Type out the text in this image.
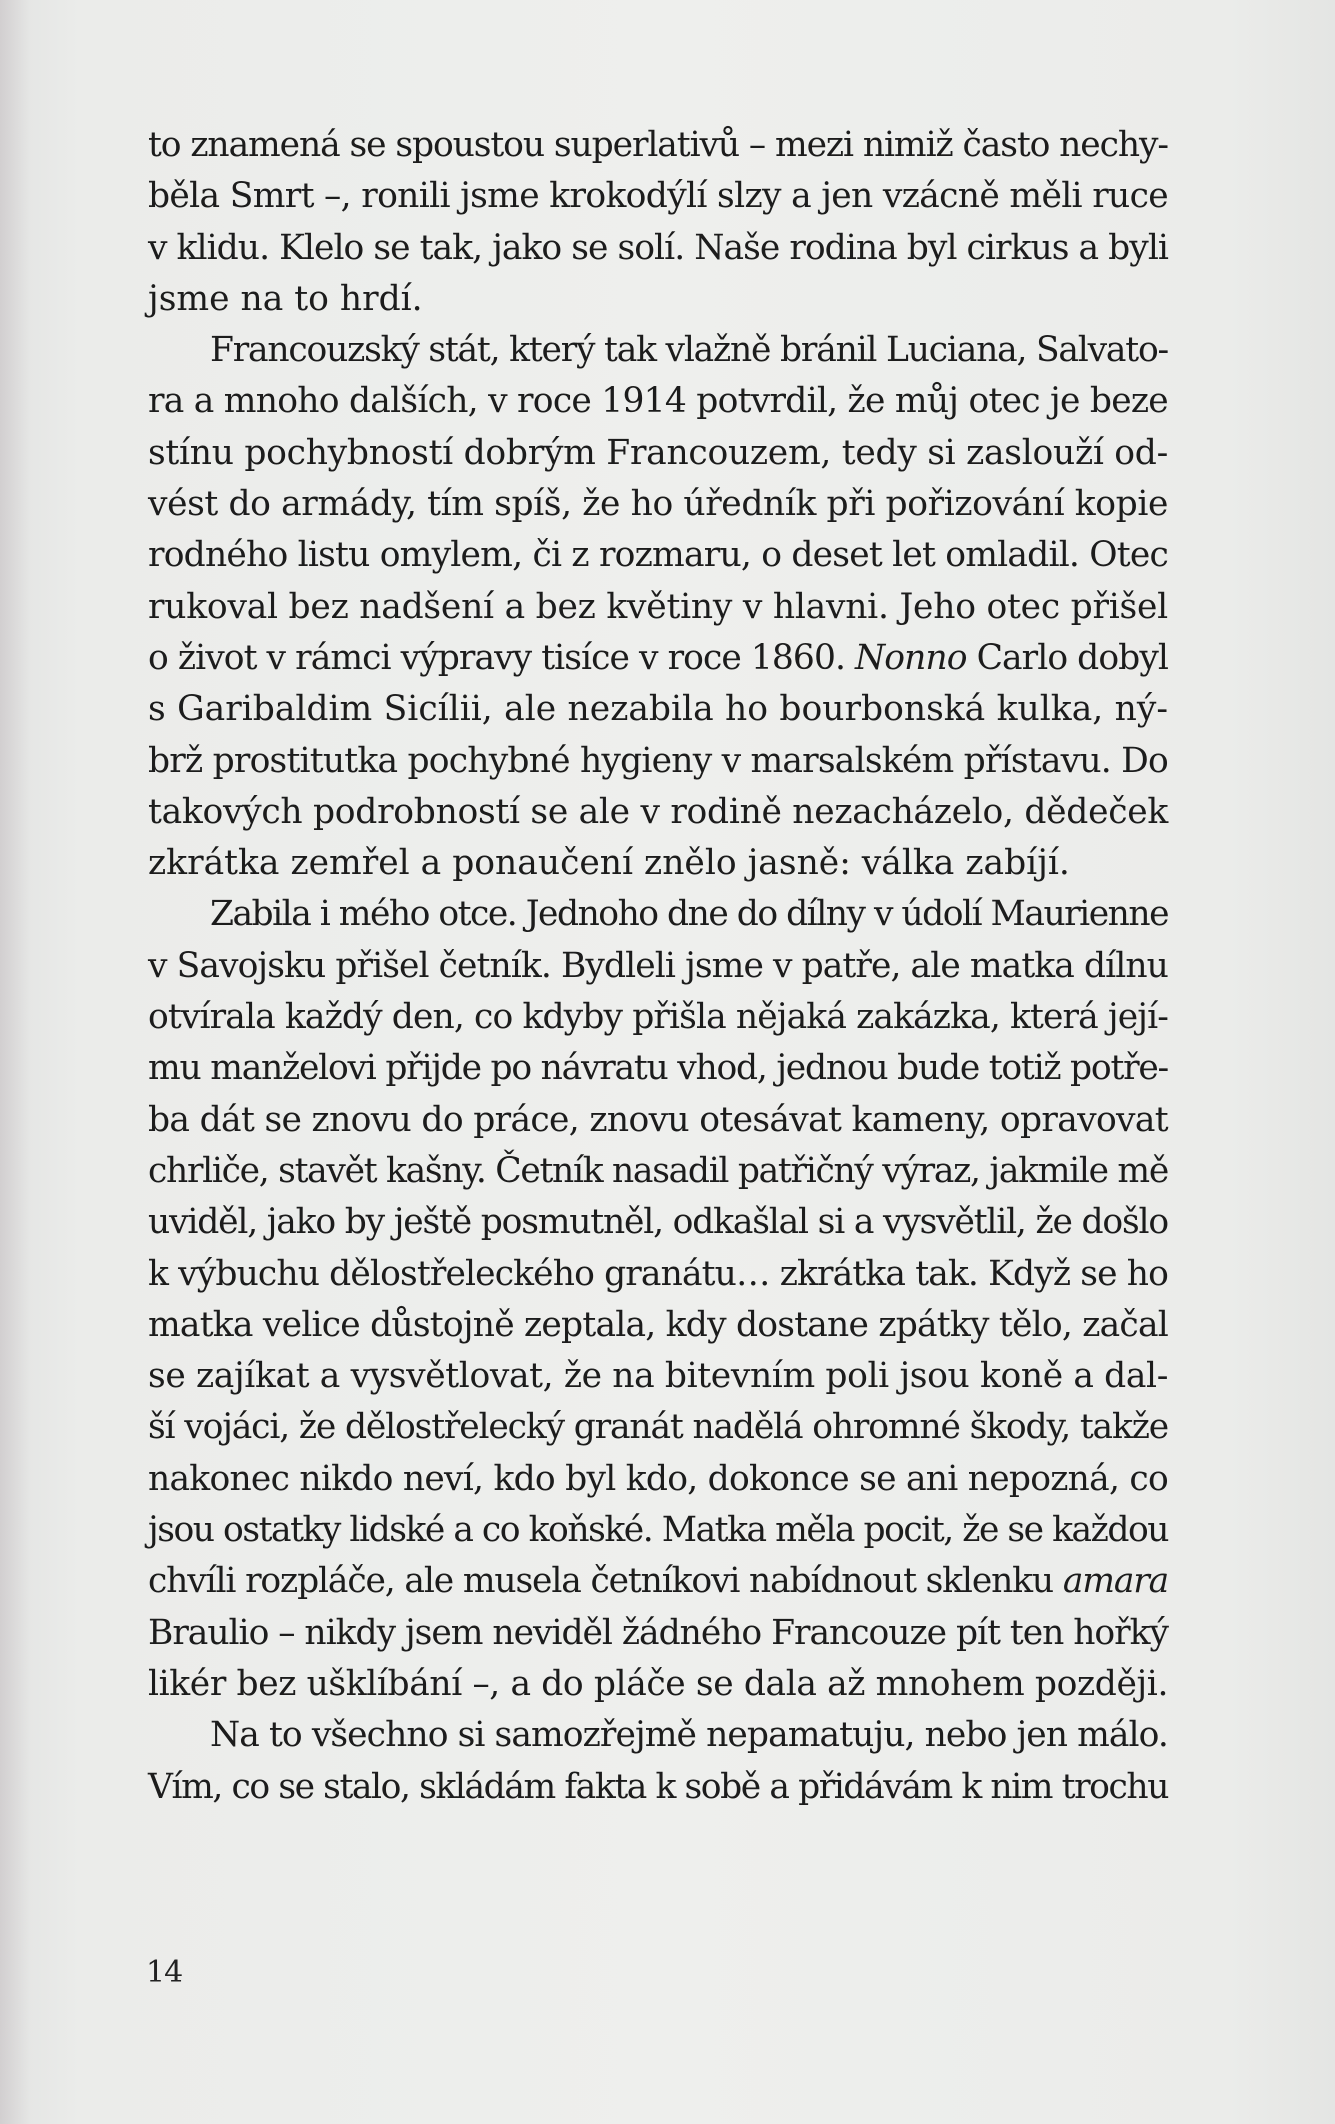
to znamená se spoustou superlativů – mezi nimiž často nechy-
běla Smrt –, ronili jsme krokodýlí slzy a jen vzácně měli ruce
v klidu. Klelo se tak, jako se solí. Naše rodina byl cirkus a byli
jsme na to hrdí.
Francouzský stát, který tak vlažně bránil Luciana, Salvato-
ra a mnoho dalších, v roce 1914 potvrdil, že můj otec je beze
stínu pochybností dobrým Francouzem, tedy si zaslouží od-
vést do armády, tím spíš, že ho úředník při pořizování kopie
rodného listu omylem, či z rozmaru, o deset let omladil. Otec
rukoval bez nadšení a bez květiny v hlavni. Jeho otec přišel
o život v rámci výpravy tisíce v roce 1860. Nonno Carlo dobyl
s Garibaldim Sicílii, ale nezabila ho bourbonská kulka, ný-
brž prostitutka pochybné hygieny v marsalském přístavu. Do
takových podrobností se ale v rodině nezacházelo, dědeček
zkrátka zemřel a ponaučení znělo jasně: válka zabíjí.
Zabila i mého otce. Jednoho dne do dílny v údolí Maurienne
v Savojsku přišel četník. Bydleli jsme v patře, ale matka dílnu
otvírala každý den, co kdyby přišla nějaká zakázka, která její-
mu manželovi přijde po návratu vhod, jednou bude totiž potře-
ba dát se znovu do práce, znovu otesávat kameny, opravovat
chrliče, stavět kašny. Četník nasadil patřičný výraz, jakmile mě
uviděl, jako by ještě posmutněl, odkašlal si a vysvětlil, že došlo
k výbuchu dělostřeleckého granátu… zkrátka tak. Když se ho
matka velice důstojně zeptala, kdy dostane zpátky tělo, začal
se zajíkat a vysvětlovat, že na bitevním poli jsou koně a dal-
ší vojáci, že dělostřelecký granát nadělá ohromné škody, takže
nakonec nikdo neví, kdo byl kdo, dokonce se ani nepozná, co
jsou ostatky lidské a co koňské. Matka měla pocit, že se každou
chvíli rozpláče, ale musela četníkovi nabídnout sklenku amara
Braulio – nikdy jsem neviděl žádného Francouze pít ten hořký
likér bez ušklíbání –, a do pláče se dala až mnohem později.
Na to všechno si samozřejmě nepamatuju, nebo jen málo.
Vím, co se stalo, skládám fakta k sobě a přidávám k nim trochu
14
